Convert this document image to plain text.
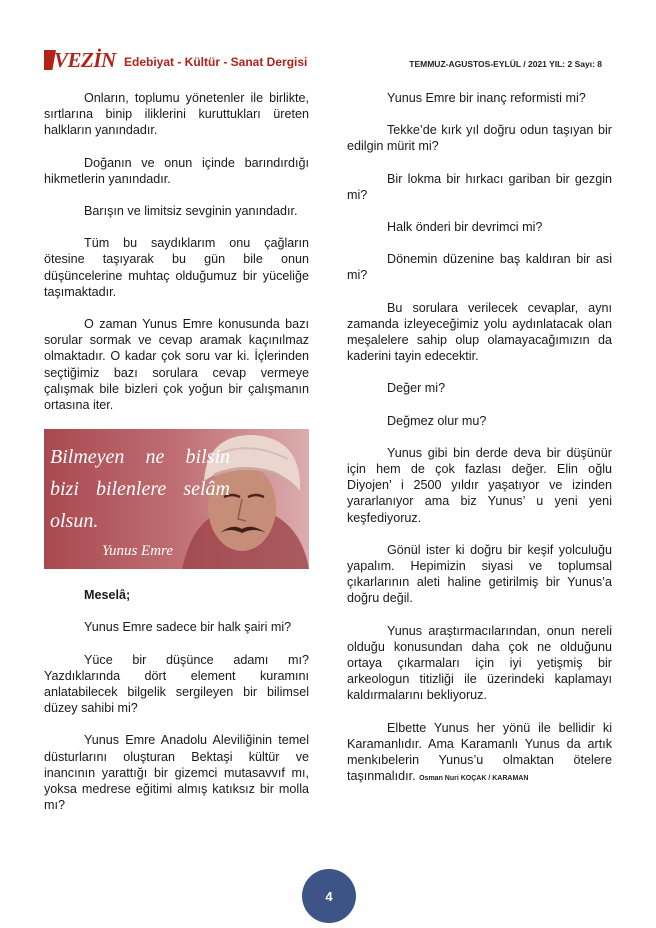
VEZİN Edebiyat - Kültür - Sanat Dergisi	TEMMUZ-AGUSTOS-EYLÜL / 2021 YIL: 2 Sayı: 8

Onların, toplumu yönetenler ile birlikte, sırtlarına binip iliklerini kuruttukları üreten halkların yanındadır.

Doğanın ve onun içinde barındırdığı hikmetlerin yanındadır.

Barışın ve limitsiz sevginin yanındadır.

Tüm bu saydıklarım onu çağların ötesine taşıyarak bu gün bile onun düşüncelerine muhtaç olduğumuz bir yüceliğe taşımaktadır.

O zaman Yunus Emre konusunda bazı sorular sormak ve cevap aramak kaçınılmaz olmaktadır. O kadar çok soru var ki. İçlerinden seçtiğimiz bazı sorulara cevap vermeye çalışmak bile bizleri çok yoğun bir çalışmanın ortasına iter.

Bilmeyen ne bilsin bizi bilenlere selâm olsun.

Yunus Emre

Meselâ;

Yunus Emre sadece bir halk şairi mi?

Yüce bir düşünce adamı mı? Yazdıklarında dört element kuramını anlatabilecek bilgelik sergileyen bir bilimsel düzey sahibi mi?

Yunus Emre Anadolu Aleviliğinin temel düsturlarını oluşturan Bektaşi kültür ve inancının yarattığı bir gizemci mutasavvıf mı, yoksa medrese eğitimi almış katıksız bir molla mı?

Yunus Emre bir inanç reformisti mi?

Tekke’de kırk yıl doğru odun taşıyan bir edilgin mürit mi?

Bir lokma bir hırkacı gariban bir gezgin mi?

Halk önderi bir devrimci mi?

Dönemin düzenine baş kaldıran bir asi mi?

Bu sorulara verilecek cevaplar, aynı zamanda izleyeceğimiz yolu aydınlatacak olan meşalelere sahip olup olamayacağımızın da kaderini tayin edecektir.

Değer mi?

Değmez olur mu?

Yunus gibi bin derde deva bir düşünür için hem de çok fazlası değer. Elin oğlu Diyojen’ i 2500 yıldır yaşatıyor ve izinden yararlanıyor ama biz Yunus’ u yeni yeni keşfediyoruz.

Gönül ister ki doğru bir keşif yolculuğu yapalım. Hepimizin siyasi ve toplumsal çıkarlarının aleti haline getirilmiş bir Yunus’a doğru değil.

Yunus araştırmacılarından, onun nereli olduğu konusundan daha çok ne olduğunu ortaya çıkarmaları için iyi yetişmiş bir arkeologun titizliği ile üzerindeki kaplamayı kaldırmalarını bekliyoruz.

Elbette Yunus her yönü ile bellidir ki Karamanlıdır. Ama Karamanlı Yunus da artık menkıbelerin Yunus’u olmaktan ötelere taşınmalıdır. Osman Nuri KOÇAK / KARAMAN

4
